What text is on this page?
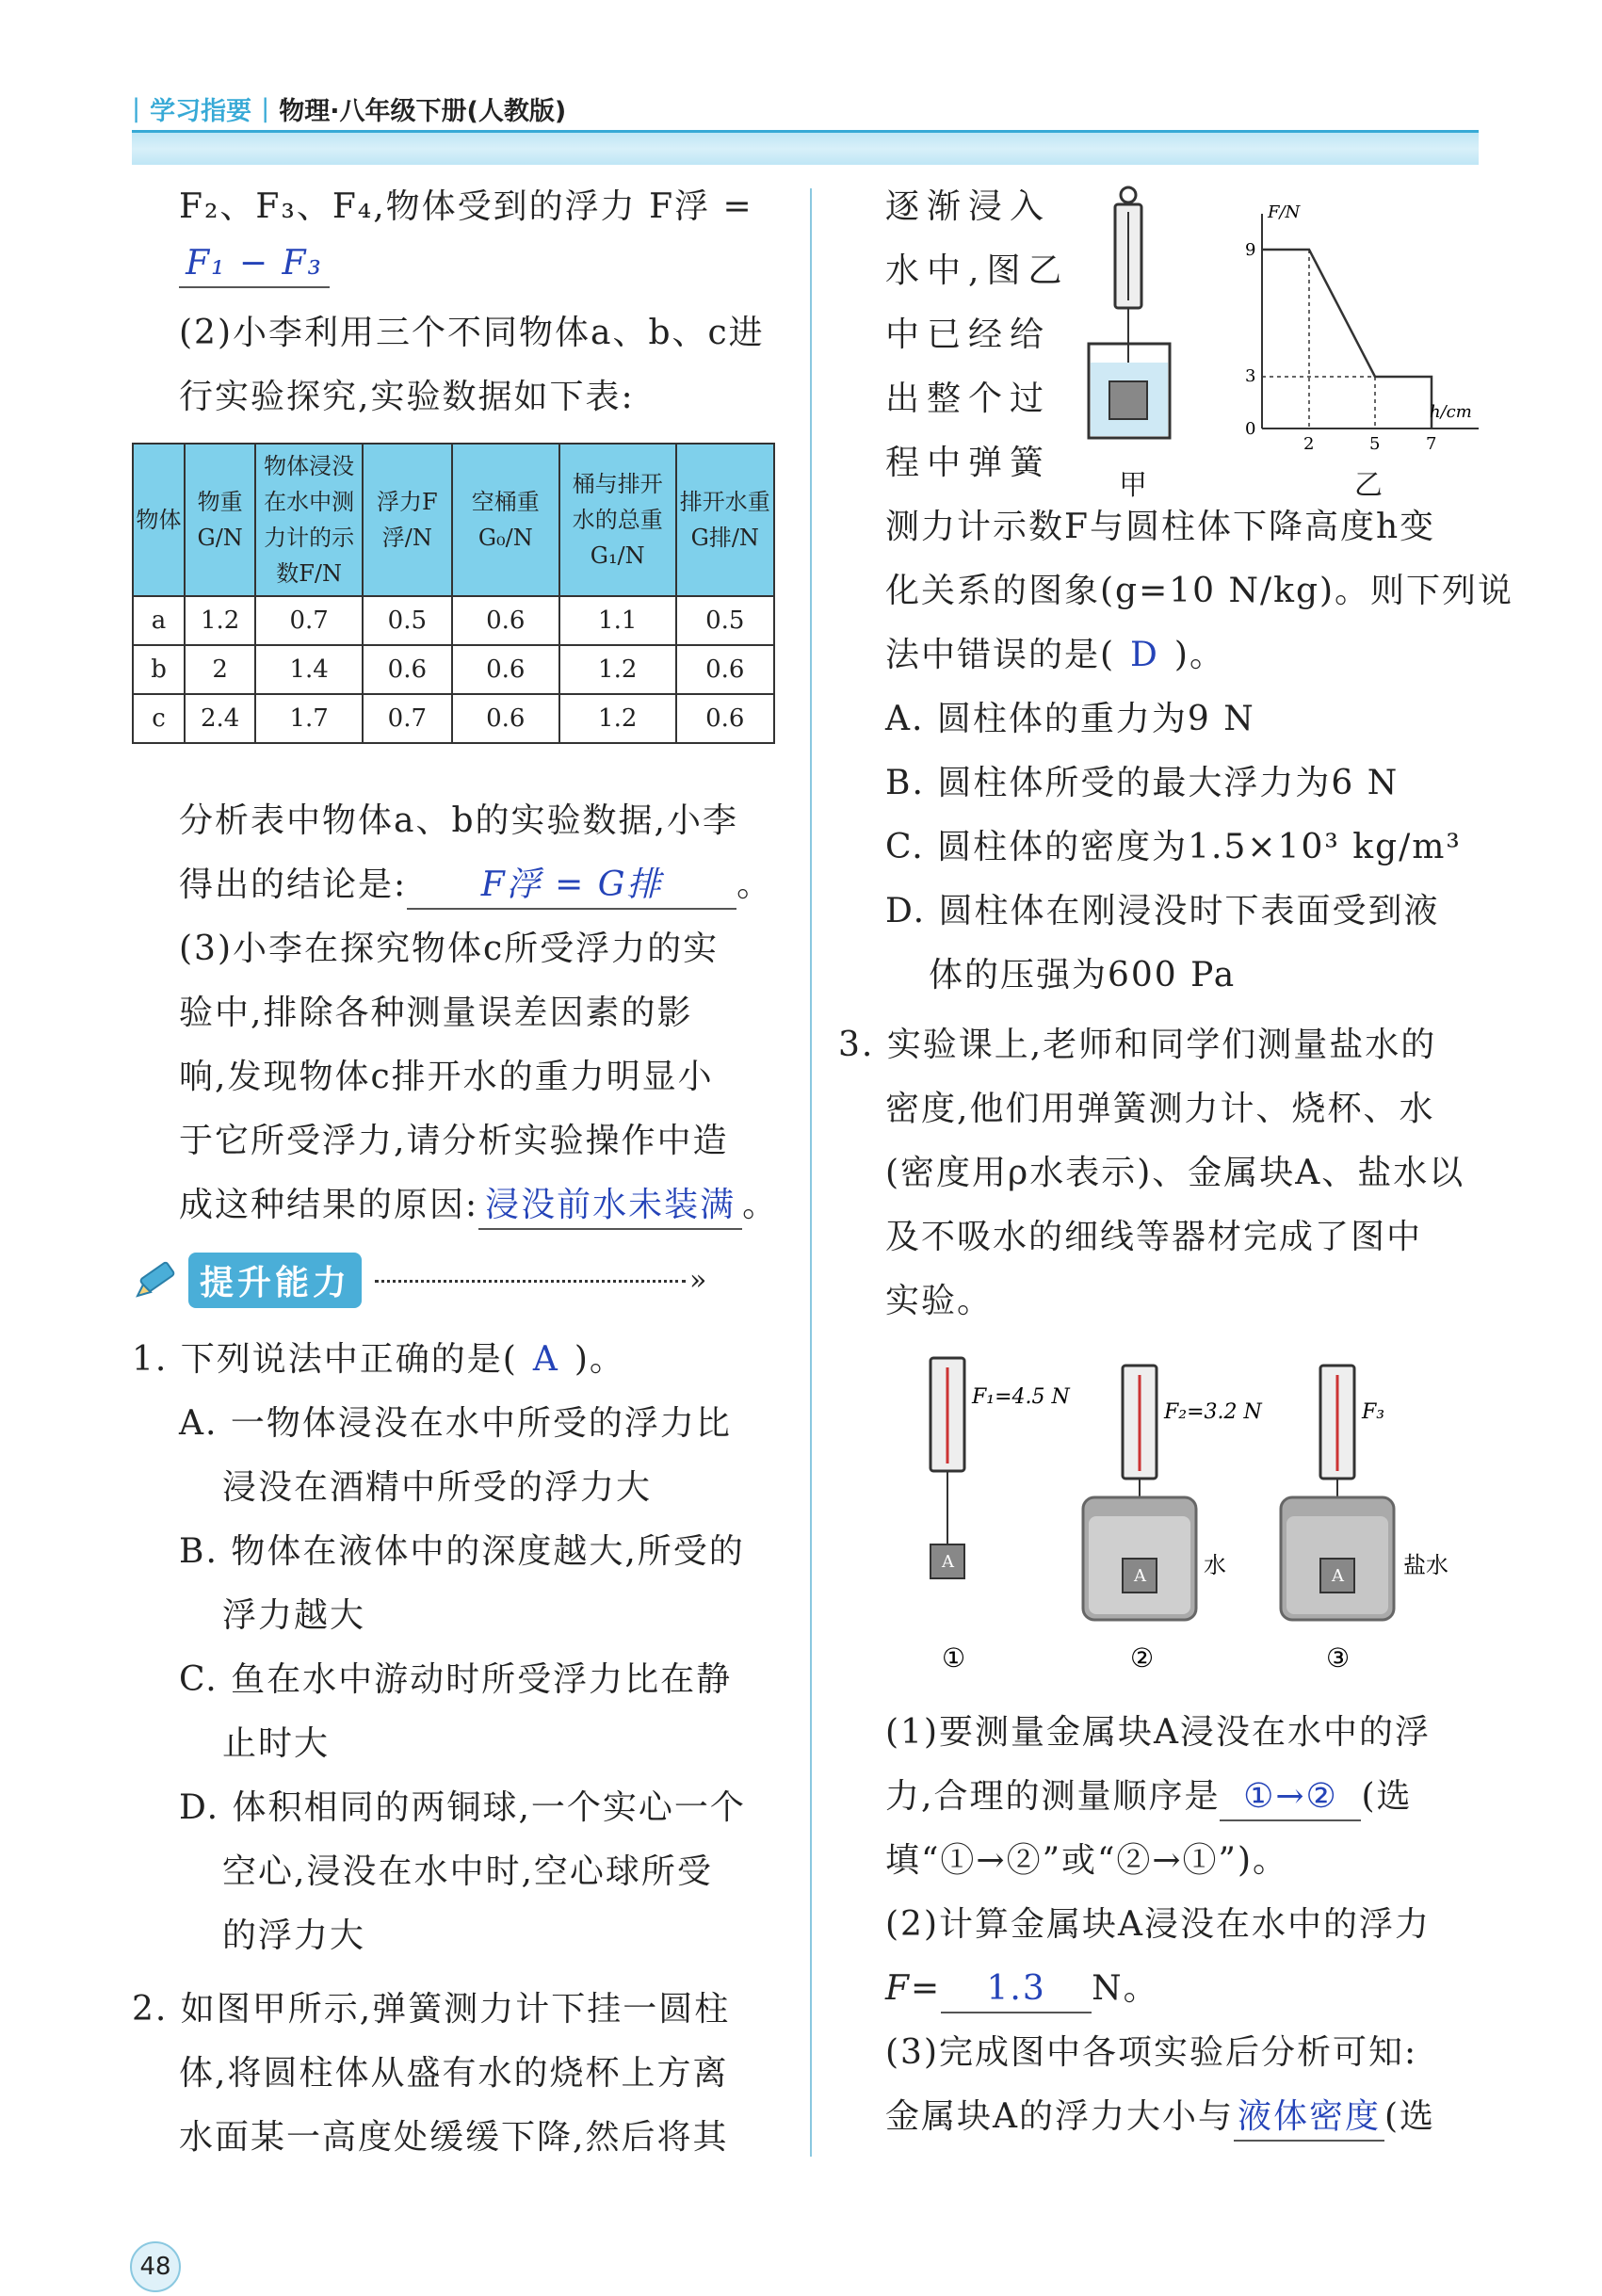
| 学习指要 | 物理·八年级下册(人教版)
F₂、F₃、F₄,物体受到的浮力 F浮 =
F₁ − F₃
(2)小李利用三个不同物体a、b、c进
行实验探究,实验数据如下表:
物体	物重G/N	物体浸没在水中测力计的示数F/N	浮力F浮/N	空桶重G₀/N	桶与排开水的总重G₁/N	排开水重G排/N
a	1.2	0.7	0.5	0.6	1.1	0.5
b	2	1.4	0.6	0.6	1.2	0.6
c	2.4	1.7	0.7	0.6	1.2	0.6
分析表中物体a、b的实验数据,小李
得出的结论是: F浮 = G排 。
(3)小李在探究物体c所受浮力的实
验中,排除各种测量误差因素的影
响,发现物体c排开水的重力明显小
于它所受浮力,请分析实验操作中造
成这种结果的原因: 浸没前水未装满 。
提升能力	»
1. 下列说法中正确的是( A )。
A. 一物体浸没在水中所受的浮力比
浸没在酒精中所受的浮力大
B. 物体在液体中的深度越大,所受的
浮力越大
C. 鱼在水中游动时所受浮力比在静
止时大
D. 体积相同的两铜球,一个实心一个
空心,浸没在水中时,空心球所受
的浮力大
2. 如图甲所示,弹簧测力计下挂一圆柱
体,将圆柱体从盛有水的烧杯上方离
水面某一高度处缓缓下降,然后将其
逐渐浸入
水中,图乙
中已经给
出整个过
程中弹簧
甲
F/N
9
3
0
2	5	7
h/cm
乙
测力计示数F与圆柱体下降高度h变
化关系的图象(g=10 N/kg)。则下列说
法中错误的是( D )。
A. 圆柱体的重力为9 N
B. 圆柱体所受的最大浮力为6 N
C. 圆柱体的密度为1.5×10³ kg/m³
D. 圆柱体在刚浸没时下表面受到液
体的压强为600 Pa
3. 实验课上,老师和同学们测量盐水的
密度,他们用弹簧测力计、烧杯、水
(密度用ρ水表示)、金属块A、盐水以
及不吸水的细线等器材完成了图中
实验。
A
F₁=4.5 N
①
A
F₂=3.2 N
水
②
A
F₃
盐水
③
(1)要测量金属块A浸没在水中的浮
力,合理的测量顺序是 ①→② (选
填“①→②”或“②→①”)。
(2)计算金属块A浸没在水中的浮力
F= 1.3 N。
(3)完成图中各项实验后分析可知:
金属块A的浮力大小与 液体密度 (选
48
